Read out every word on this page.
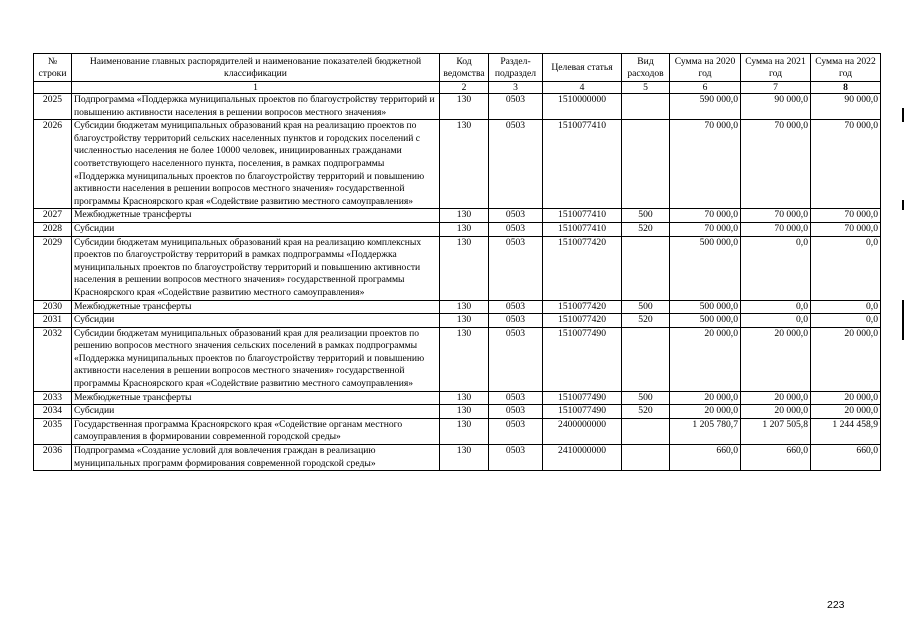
№ строки	Наименование главных распорядителей и наименование показателей бюджетной классификации	Код ведомства	Раздел-подраздел	Целевая статья	Вид расходов	Сумма на 2020 год	Сумма на 2021 год	Сумма на 2022 год
	1	2	3	4	5	6	7	8
2025	Подпрограмма «Поддержка муниципальных проектов по благоустройству территорий и повышению активности населения в решении вопросов местного значения»	130	0503	1510000000		590 000,0	90 000,0	90 000,0
2026	Субсидии бюджетам муниципальных образований края на реализацию проектов по благоустройству территорий сельских населенных пунктов и городских поселений с численностью населения не более 10000 человек, инициированных гражданами соответствующего населенного пункта, поселения, в рамках подпрограммы «Поддержка муниципальных проектов по благоустройству территорий и повышению активности населения в решении вопросов местного значения» государственной программы Красноярского края «Содействие развитию местного самоуправления»	130	0503	1510077410		70 000,0	70 000,0	70 000,0
2027	Межбюджетные трансферты	130	0503	1510077410	500	70 000,0	70 000,0	70 000,0
2028	Субсидии	130	0503	1510077410	520	70 000,0	70 000,0	70 000,0
2029	Субсидии бюджетам муниципальных образований края на реализацию комплексных проектов по благоустройству территорий в рамках подпрограммы «Поддержка муниципальных проектов по благоустройству территорий и повышению активности населения в решении вопросов местного значения» государственной программы Красноярского края «Содействие развитию местного самоуправления»	130	0503	1510077420		500 000,0	0,0	0,0
2030	Межбюджетные трансферты	130	0503	1510077420	500	500 000,0	0,0	0,0
2031	Субсидии	130	0503	1510077420	520	500 000,0	0,0	0,0
2032	Субсидии бюджетам муниципальных образований края для реализации проектов по решению вопросов местного значения сельских поселений в рамках подпрограммы «Поддержка муниципальных проектов по благоустройству территорий и повышению активности населения в решении вопросов местного значения» государственной программы Красноярского края «Содействие развитию местного самоуправления»	130	0503	1510077490		20 000,0	20 000,0	20 000,0
2033	Межбюджетные трансферты	130	0503	1510077490	500	20 000,0	20 000,0	20 000,0
2034	Субсидии	130	0503	1510077490	520	20 000,0	20 000,0	20 000,0
2035	Государственная программа Красноярского края «Содействие органам местного самоуправления в формировании современной городской среды»	130	0503	2400000000		1 205 780,7	1 207 505,8	1 244 458,9
2036	Подпрограмма «Создание условий для вовлечения граждан в реализацию муниципальных программ формирования современной городской среды»	130	0503	2410000000		660,0	660,0	660,0
223
